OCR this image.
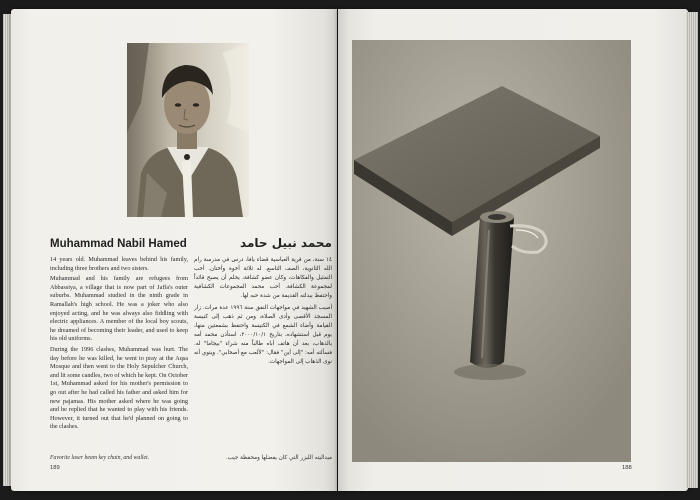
Muhammad Nabil Hamed	محمد نبيل حامد

14 years old. Muhammad leaves behind his family, including three brothers and two sisters.

Muhammad and his family are refugees from Abbassiya, a village that is now part of Jaffa's outer suburbs. Muhammad studied in the ninth grade in Ramallah's high school. He was a joker who also enjoyed acting, and he was always also fiddling with electric appliances. A member of the local boy scouts, he dreamed of becoming their leader, and used to keep his old uniforms.

During the 1996 clashes, Muhammad was hurt. The day before he was killed, he went to pray at the Aqsa Mosque and then went to the Holy Sepulcher Church, and lit some candles, two of which he kept. On October 1st, Muhammad asked for his mother's permission to go out after he had called his father and asked him for new pajamas. His mother asked where he was going and he replied that he wanted to play with his friends. However, it turned out that he'd planned on going to the clashes.

١٤ سنة، من قرية العباسية قضاء يافا، درس في مدرسة رام الله الثانوية، الصف التاسع. له ثلاثة أخوة وأختان. أحب التمثيل والفكاهات، وكان عضو كشافة، يحلم أن يصبح قائداً لمجموعة الكشافة. أحب محمد المجموعات الكشافية واحتفظ ببدلته القديمة من شدة حبه لها.

أصيب الشهيد في مواجهات النفق سنة ١٩٩٦ عدة مرات. زار المسجد الأقصى وأدى الصلاة، ومن ثم ذهب إلى كنيسة القيامة وأضاء الشمع في الكنيسة واحتفظ بشمعتين منها، يوم قبل استشهاده، بتاريخ ٢٠٠٠/١٠/١، استأذن محمد أمه بالذهاب، بعد أن هاتف أباه طالباً منه شراء "بيجاما" له. فسألته أمه: "إلى أين" فقال: "لألعب مع أصحابي". وينوي أنه نوى الذهاب إلى المواجهات.

Favorite laser beam key chain, and wallet.	ميداليته الليزر التي كان يفضلها ومحفظة جيب.
189	188
